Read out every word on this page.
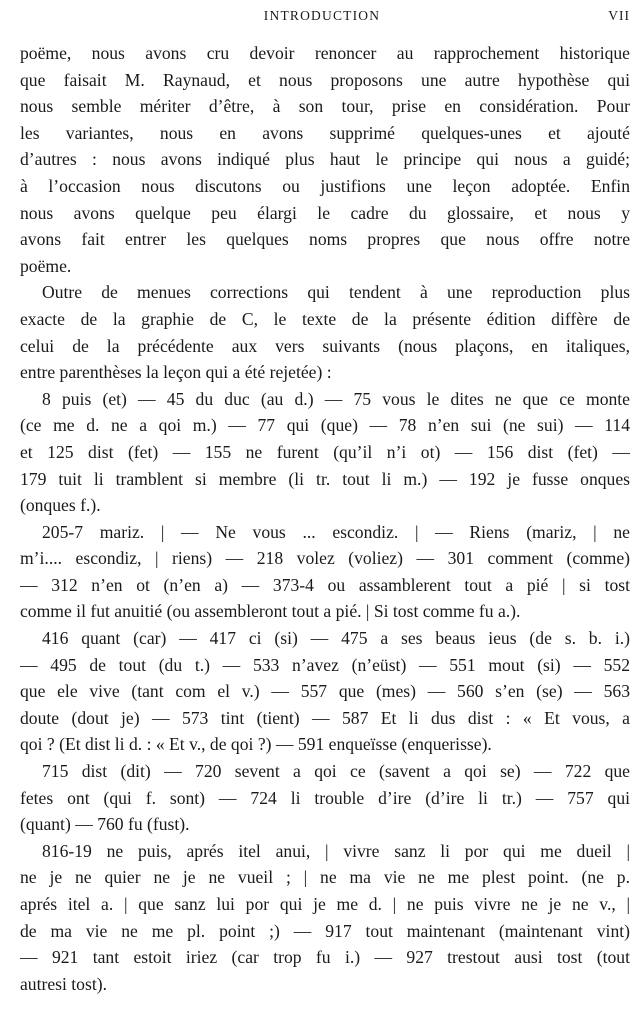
INTRODUCTION	VII

poëme, nous avons cru devoir renoncer au rapprochement historique
que faisait M. Raynaud, et nous proposons une autre hypothèse qui
nous semble mériter d’être, à son tour, prise en considération. Pour
les variantes, nous en avons supprimé quelques-unes et ajouté
d’autres : nous avons indiqué plus haut le principe qui nous a guidé;
à l’occasion nous discutons ou justifions une leçon adoptée. Enfin
nous avons quelque peu élargi le cadre du glossaire, et nous y
avons fait entrer les quelques noms propres que nous offre notre
poëme.

Outre de menues corrections qui tendent à une reproduction plus
exacte de la graphie de C, le texte de la présente édition diffère de
celui de la précédente aux vers suivants (nous plaçons, en italiques,
entre parenthèses la leçon qui a été rejetée) :

8 puis (et) — 45 du duc (au d.) — 75 vous le dites ne que ce monte
(ce me d. ne a qoi m.) — 77 qui (que) — 78 n’en sui (ne sui) — 114
et 125 dist (fet) — 155 ne furent (qu’il n’i ot) — 156 dist (fet) —
179 tuit li tramblent si membre (li tr. tout li m.) — 192 je fusse onques
(onques f.).

205-7 mariz. | — Ne vous ... escondiz. | — Riens (mariz, | ne
m’i.... escondiz, | riens) — 218 volez (voliez) — 301 comment (comme)
— 312 n’en ot (n’en a) — 373-4 ou assamblerent tout a pié | si tost
comme il fut anuitié (ou assembleront tout a pié. | Si tost comme fu a.).

416 quant (car) — 417 ci (si) — 475 a ses beaus ieus (de s. b. i.)
— 495 de tout (du t.) — 533 n’avez (n’eüst) — 551 mout (si) — 552
que ele vive (tant com el v.) — 557 que (mes) — 560 s’en (se) — 563
doute (dout je) — 573 tint (tient) — 587 Et li dus dist : « Et vous, a
qoi ? (Et dist li d. : « Et v., de qoi ?) — 591 enqueïsse (enquerisse).

715 dist (dit) — 720 sevent a qoi ce (savent a qoi se) — 722 que
fetes ont (qui f. sont) — 724 li trouble d’ire (d’ire li tr.) — 757 qui
(quant) — 760 fu (fust).

816-19 ne puis, aprés itel anui, | vivre sanz li por qui me dueil |
ne je ne quier ne je ne vueil ; | ne ma vie ne me plest point. (ne p.
aprés itel a. | que sanz lui por qui je me d. | ne puis vivre ne je ne v., |
de ma vie ne me pl. point ;) — 917 tout maintenant (maintenant vint)
— 921 tant estoit iriez (car trop fu i.) — 927 trestout ausi tost (tout
autresi tost).
